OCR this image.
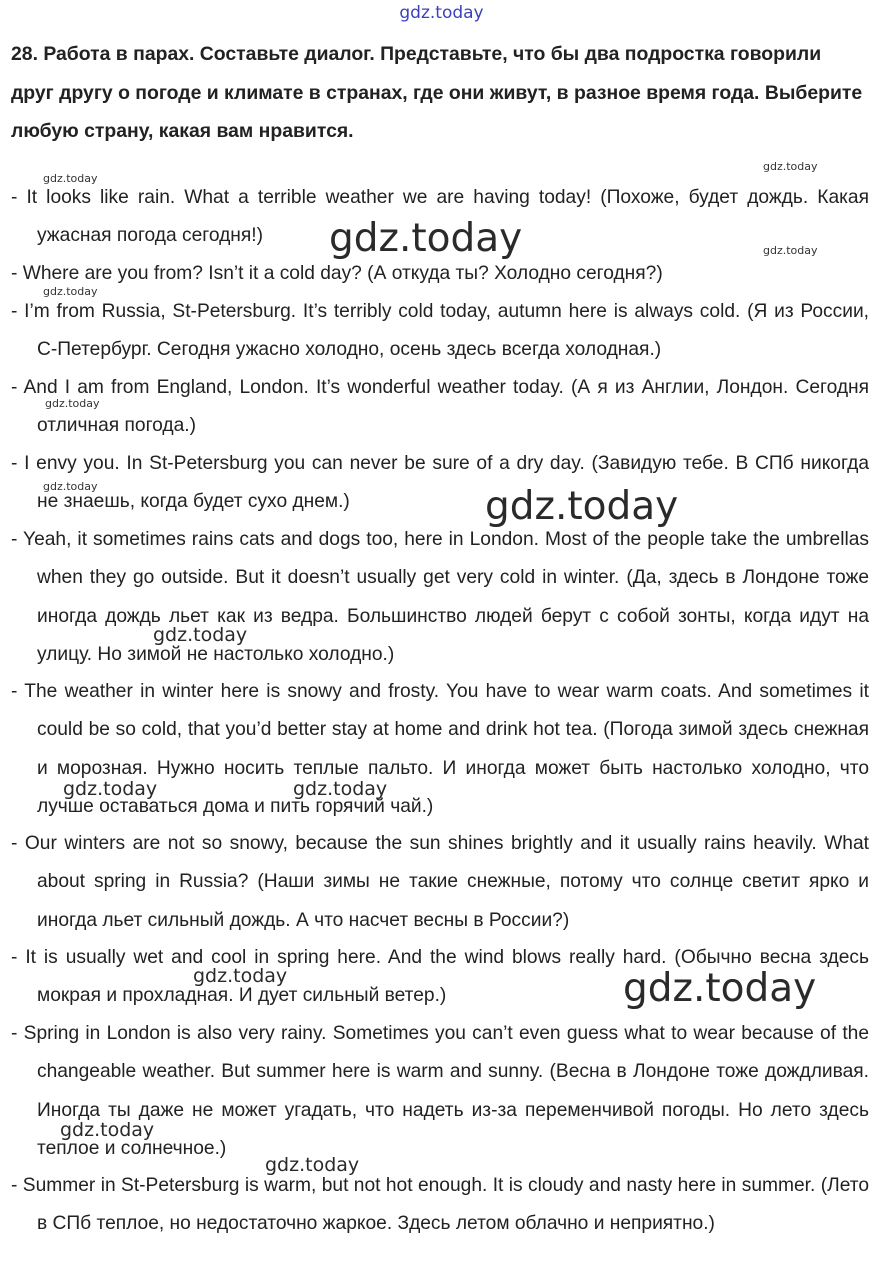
gdz.today
28. Работа в парах. Составьте диалог. Представьте, что бы два подростка говорили друг другу о погоде и климате в странах, где они живут, в разное время года. Выберите любую страну, какая вам нравится.
- It looks like rain. What a terrible weather we are having today! (Похоже, будет дождь. Какая ужасная погода сегодня!)
- Where are you from? Isn’t it a cold day? (А откуда ты? Холодно сегодня?)
- I’m from Russia, St-Petersburg. It’s terribly cold today, autumn here is always cold. (Я из России, С-Петербург. Сегодня ужасно холодно, осень здесь всегда холодная.)
- And I am from England, London. It’s wonderful weather today. (А я из Англии, Лондон. Сегодня отличная погода.)
- I envy you. In St-Petersburg you can never be sure of a dry day. (Завидую тебе. В СПб никогда не знаешь, когда будет сухо днем.)
- Yeah, it sometimes rains cats and dogs too, here in London. Most of the people take the umbrellas when they go outside. But it doesn’t usually get very cold in winter. (Да, здесь в Лондоне тоже иногда дождь льет как из ведра. Большинство людей берут с собой зонты, когда идут на улицу. Но зимой не настолько холодно.)
- The weather in winter here is snowy and frosty. You have to wear warm coats. And sometimes it could be so cold, that you’d better stay at home and drink hot tea. (Погода зимой здесь снежная и морозная. Нужно носить теплые пальто. И иногда может быть настолько холодно, что лучше оставаться дома и пить горячий чай.)
- Our winters are not so snowy, because the sun shines brightly and it usually rains heavily. What about spring in Russia? (Наши зимы не такие снежные, потому что солнце светит ярко и иногда льет сильный дождь. А что насчет весны в России?)
- It is usually wet and cool in spring here. And the wind blows really hard. (Обычно весна здесь мокрая и прохладная. И дует сильный ветер.)
- Spring in London is also very rainy. Sometimes you can’t even guess what to wear because of the changeable weather. But summer here is warm and sunny. (Весна в Лондоне тоже дождливая. Иногда ты даже не может угадать, что надеть из-за переменчивой погоды. Но лето здесь теплое и солнечное.)
- Summer in St-Petersburg is warm, but not hot enough. It is cloudy and nasty here in summer. (Лето в СПб теплое, но недостаточно жаркое. Здесь летом облачно и неприятно.)
gdz.today
gdz.today
gdz.today	gdz.today
gdz.today
gdz.today
gdz.today	gdz.today
gdz.today
gdz.today	gdz.today
gdz.today	gdz.today
gdz.today
gdz.today
